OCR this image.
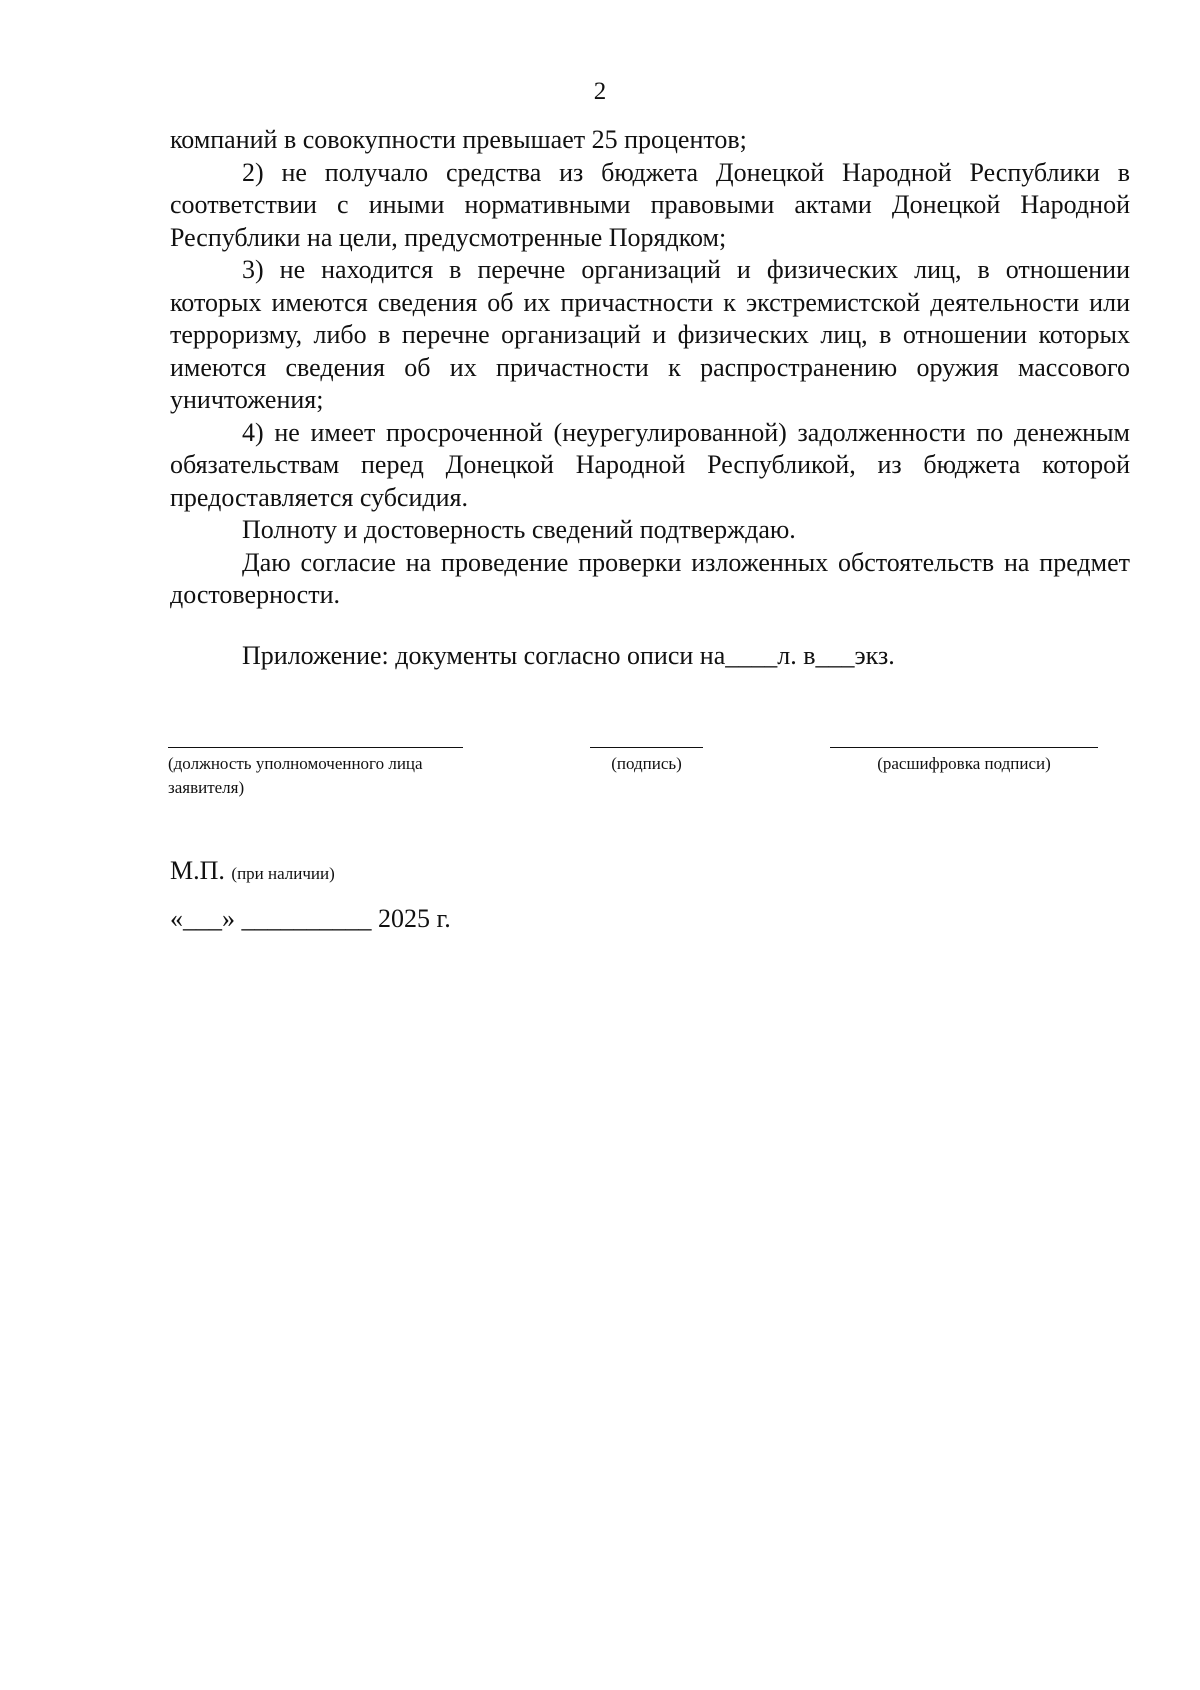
2

компаний в совокупности превышает 25 процентов;

2) не получало средства из бюджета Донецкой Народной Республики в соответствии с иными нормативными правовыми актами Донецкой Народной Республики на цели, предусмотренные Порядком;

3) не находится в перечне организаций и физических лиц, в отношении которых имеются сведения об их причастности к экстремистской деятельности или терроризму, либо в перечне организаций и физических лиц, в отношении которых имеются сведения об их причастности к распространению оружия массового уничтожения;

4) не имеет просроченной (неурегулированной) задолженности по денежным обязательствам перед Донецкой Народной Республикой, из бюджета которой предоставляется субсидия.

Полноту и достоверность сведений подтверждаю.

Даю согласие на проведение проверки изложенных обстоятельств на предмет достоверности.

Приложение: документы согласно описи на____л. в___экз.

(должность уполномоченного лица заявителя)
(подпись)	(расшифровка подписи)
М.П. (при наличии)
«___» __________ 2025 г.
